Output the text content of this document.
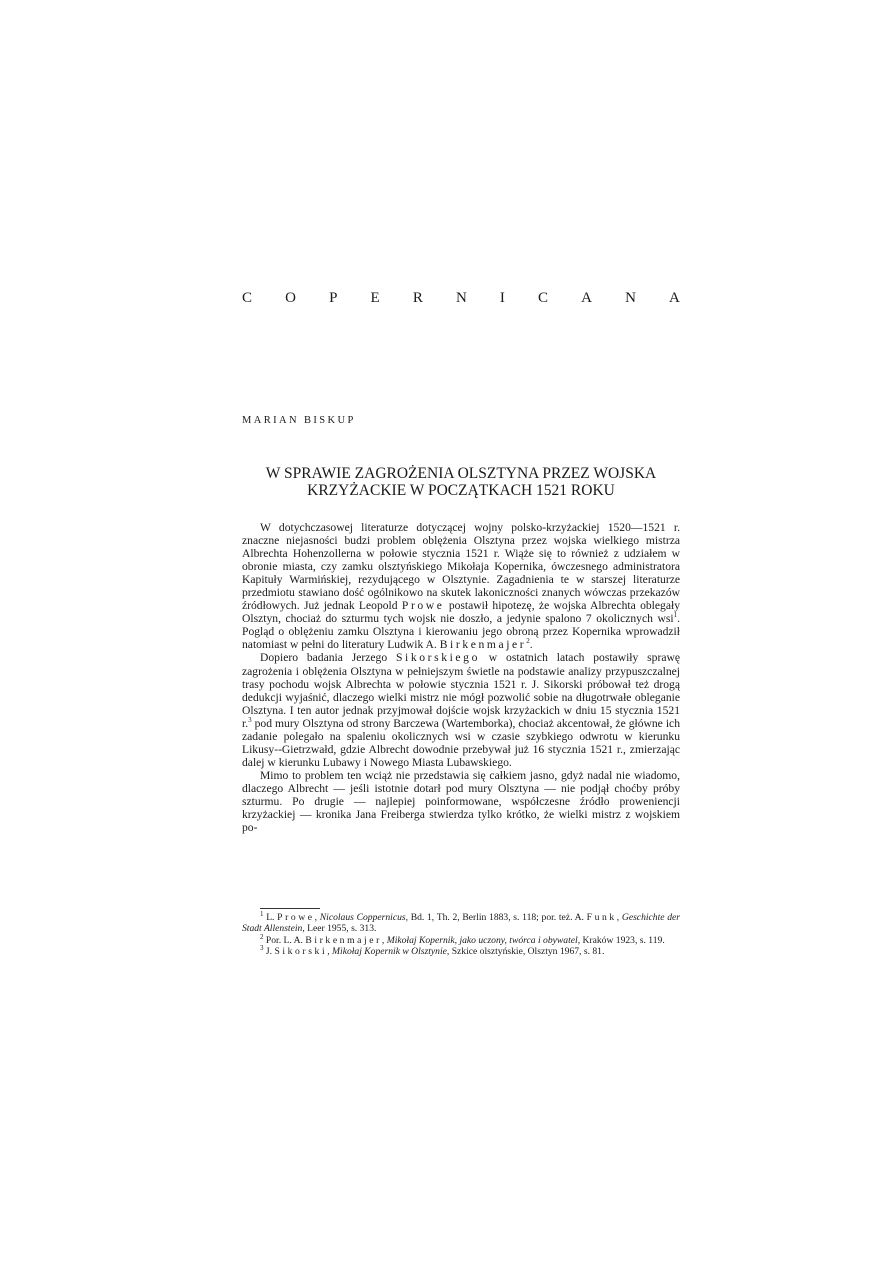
C O P E R N I C A N A
MARIAN BISKUP
W SPRAWIE ZAGROŻENIA OLSZTYNA PRZEZ WOJSKA
KRZYŻACKIE W POCZĄTKACH 1521 ROKU

W dotychczasowej literaturze dotyczącej wojny polsko-krzyżackiej 1520—1521 r. znaczne niejasności budzi problem oblężenia Olsztyna przez wojska wielkiego mistrza Albrechta Hohenzollerna w połowie stycznia 1521 r. Wiąże się to również z udziałem w obronie miasta, czy zamku olsztyńskiego Mikołaja Kopernika, ówczesnego administratora Kapituły Warmińskiej, rezydującego w Olsztynie. Zagadnienia te w starszej literaturze przedmiotu stawiano dość ogólnikowo na skutek lakoniczności znanych wówczas przekazów źródłowych. Już jednak Leopold Prowe postawił hipotezę, że wojska Albrechta oblegały Olsztyn, chociaż do szturmu tych wojsk nie doszło, a jedynie spalono 7 okolicznych wsi$^1$. Pogląd o oblężeniu zamku Olsztyna i kierowaniu jego obroną przez Kopernika wprowadził natomiast w pełni do literatury Ludwik A. Birkenmajer$^2$.

Dopiero badania Jerzego Sikorskiego w ostatnich latach postawiły sprawę zagrożenia i oblężenia Olsztyna w pełniejszym świetle na podstawie analizy przypuszczalnej trasy pochodu wojsk Albrechta w połowie stycznia 1521 r. J. Sikorski próbował też drogą dedukcji wyjaśnić, dlaczego wielki mistrz nie mógł pozwolić sobie na długotrwałe obleganie Olsztyna. I ten autor jednak przyjmował dojście wojsk krzyżackich w dniu 15 stycznia 1521 r.$^3$ pod mury Olsztyna od strony Barczewa (Wartemborka), chociaż akcentował, że główne ich zadanie polegało na spaleniu okolicznych wsi w czasie szybkiego odwrotu w kierunku Likusy--Gietrzwałd, gdzie Albrecht dowodnie przebywał już 16 stycznia 1521 r., zmierzając dalej w kierunku Lubawy i Nowego Miasta Lubawskiego.

Mimo to problem ten wciąż nie przedstawia się całkiem jasno, gdyż nadal nie wiadomo, dlaczego Albrecht — jeśli istotnie dotarł pod mury Olsztyna — nie podjął choćby próby szturmu. Po drugie — najlepiej poinformowane, współczesne źródło proweniencji krzyżackiej — kronika Jana Freiberga stwierdza tylko krótko, że wielki mistrz z wojskiem po-

$^1$ L. Prowe, Nicolaus Coppernicus, Bd. 1, Th. 2, Berlin 1883, s. 118; por. też. A. Funk, Geschichte der Stadt Allenstein, Leer 1955, s. 313.

$^2$ Por. L. A. Birkenmajer, Mikołaj Kopernik, jako uczony, twórca i obywatel, Kraków 1923, s. 119.

$^3$ J. Sikorski, Mikołaj Kopernik w Olsztynie, Szkice olsztyńskie, Olsztyn 1967, s. 81.
